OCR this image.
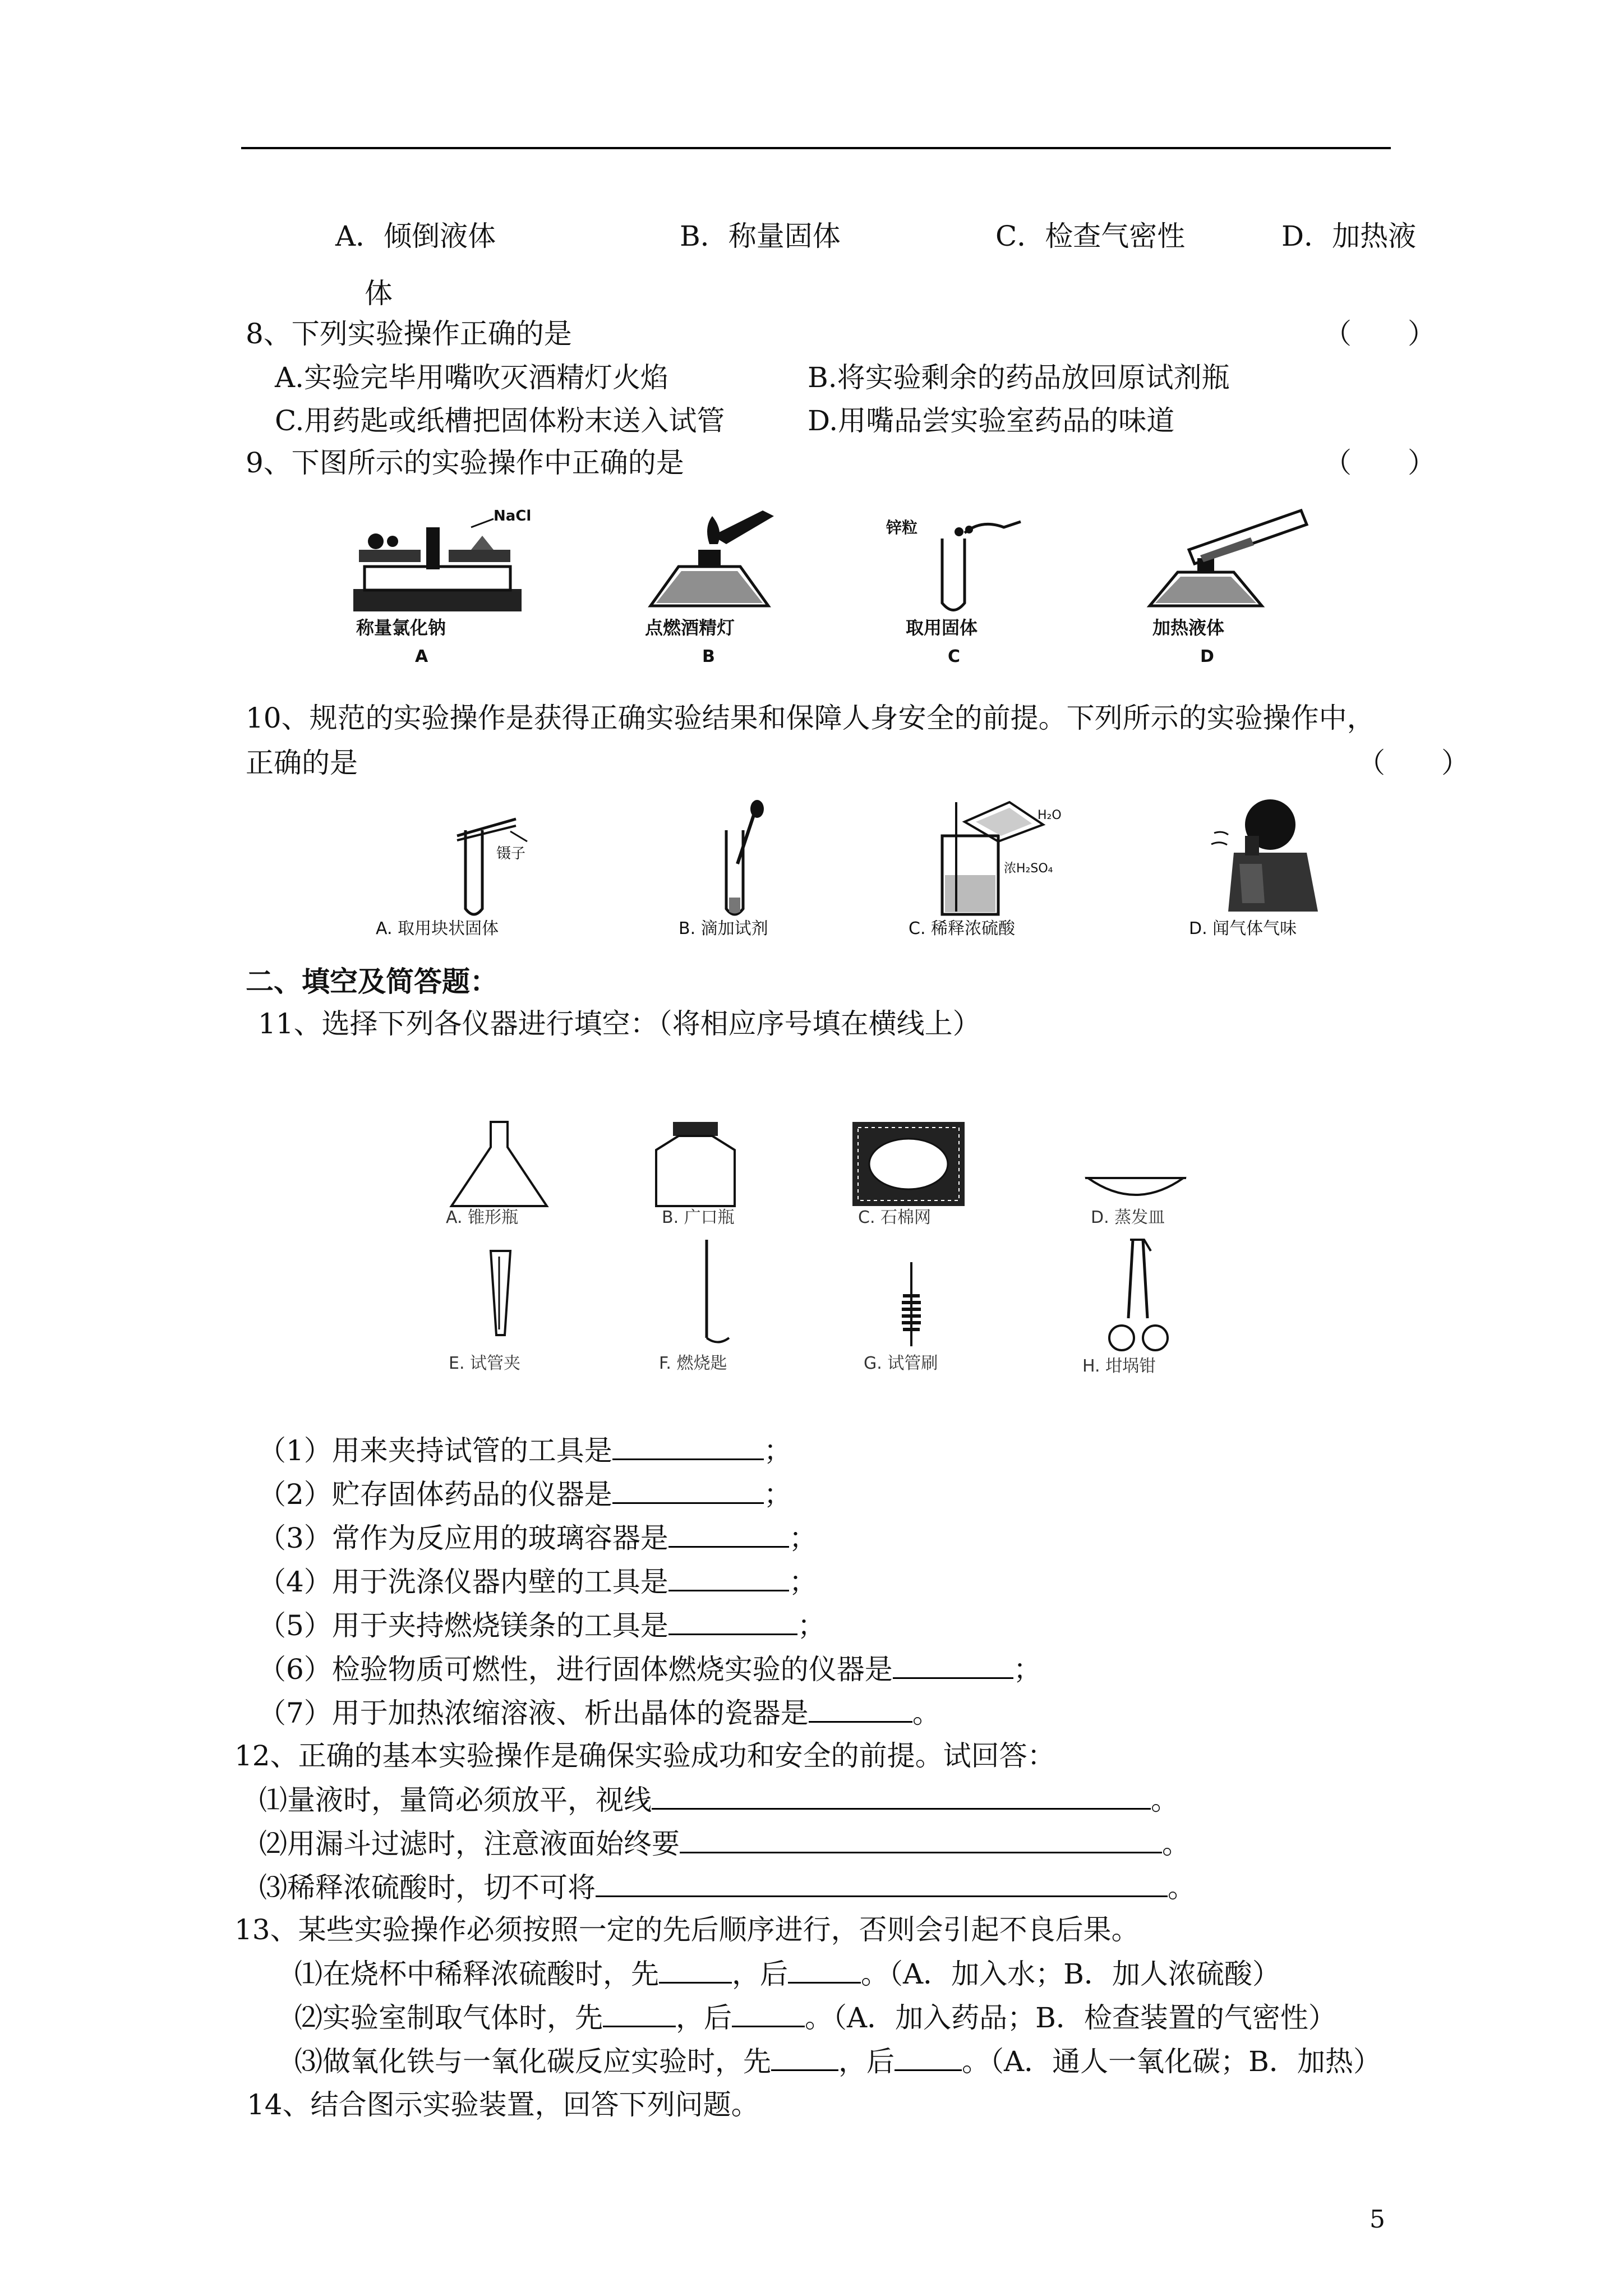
A．倾倒液体	B．称量固体	C．检查气密性	D．加热液
体
8、下列实验操作正确的是	（　　）
A.实验完毕用嘴吹灭酒精灯火焰	B.将实验剩余的药品放回原试剂瓶
C.用药匙或纸槽把固体粉末送入试管	D.用嘴品尝实验室药品的味道
9、下图所示的实验操作中正确的是	（　　）
NaCl
称量氯化钠
A
点燃酒精灯
B
锌粒
取用固体
C
加热液体
D
10、规范的实验操作是获得正确实验结果和保障人身安全的前提。下列所示的实验操作中，
正确的是	（　　）
镊子
A. 取用块状固体	B. 滴加试剂
H₂O
浓H₂SO₄
C. 稀释浓硫酸	D. 闻气体气味
二、填空及简答题：
11、选择下列各仪器进行填空：（将相应序号填在横线上）
A. 锥形瓶	B. 广口瓶	C. 石棉网	D. 蒸发皿
E. 试管夹	F. 燃烧匙	G. 试管刷	H. 坩埚钳
（1）用来夹持试管的工具是	；
（2）贮存固体药品的仪器是	；
（3）常作为反应用的玻璃容器是	；
（4）用于洗涤仪器内壁的工具是	；
（5）用于夹持燃烧镁条的工具是	；
（6）检验物质可燃性，进行固体燃烧实验的仪器是	；
（7）用于加热浓缩溶液、析出晶体的瓷器是	。
12、正确的基本实验操作是确保实验成功和安全的前提。试回答：
⑴量液时，量筒必须放平，视线	。
⑵用漏斗过滤时，注意液面始终要	。
⑶稀释浓硫酸时，切不可将	。
13、某些实验操作必须按照一定的先后顺序进行，否则会引起不良后果。
⑴在烧杯中稀释浓硫酸时，先	，后	。（A．加入水；B．加人浓硫酸）
⑵实验室制取气体时，先	，后	。（A．加入药品；B．检查装置的气密性）
⑶做氧化铁与一氧化碳反应实验时，先 ，后 。（A．通人一氧化碳；B．加热）
14、结合图示实验装置，回答下列问题。
5
